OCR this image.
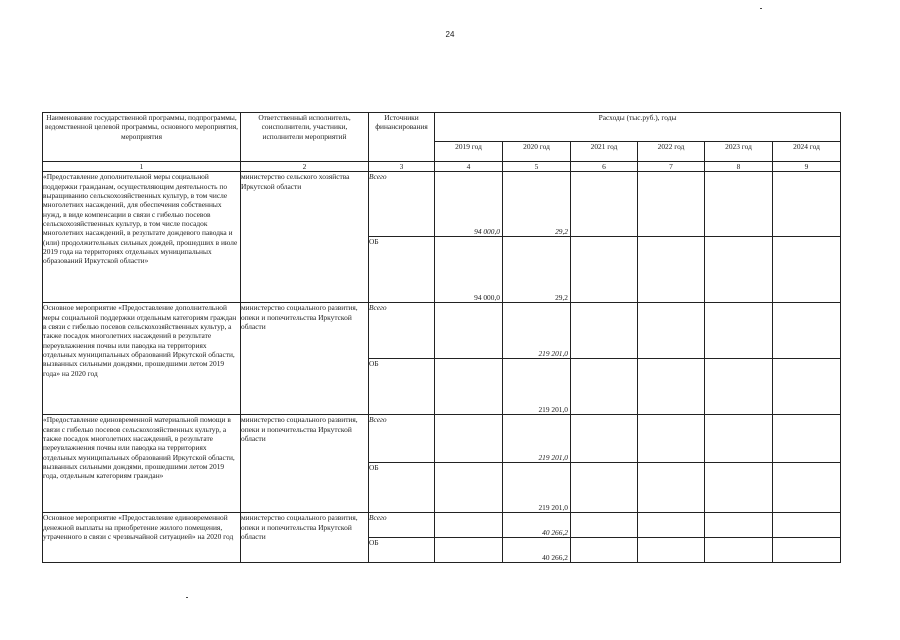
24
Наименование государственной программы, подпрограммы, ведомственной целевой программы, основного мероприятия, мероприятия	Ответственный исполнитель, соисполнители, участники, исполнители мероприятий	Источники финансирования	Расходы (тыс.руб.), годы					
			2019 год	2020 год	2021 год	2022 год	2023 год	2024 год
1	2	3	4	5	6	7	8	9
«Предоставление дополнительной меры социальной поддержки гражданам, осуществляющим деятельность по выращиванию сельскохозяйственных культур, в том числе многолетних насаждений, для обеспечения собственных нужд, в виде компенсации в связи с гибелью посевов сельскохозяйственных культур, в том числе посадок многолетних насаждений, в результате дождевого паводка и (или) продолжительных сильных дождей, прошедших в июле 2019 года на территориях отдельных муниципальных образований Иркутской области»	министерство сельского хозяйства Иркутской области	Всего	94 000,0	29,2				
		ОБ	94 000,0	29,2				
Основное мероприятие «Предоставление дополнительной меры социальной поддержки отдельным категориям граждан в связи с гибелью посевов сельскохозяйственных культур, а также посадок многолетних насаждений в результате переувлажнения почвы или паводка на территориях отдельных муниципальных образований Иркутской области, вызванных сильными дождями, прошедшими летом 2019 года» на 2020 год	министерство социального развития, опеки и попечительства Иркутской области	Всего		219 201,0				
		ОБ		219 201,0				
«Предоставление единовременной материальной помощи в связи с гибелью посевов сельскохозяйственных культур, а также посадок многолетних насаждений, в результате переувлажнения почвы или паводка на территориях отдельных муниципальных образований Иркутской области, вызванных сильными дождями, прошедшими летом 2019 года, отдельным категориям граждан»	министерство социального развития, опеки и попечительства Иркутской области	Всего		219 201,0				
		ОБ		219 201,0				
Основное мероприятие «Предоставление единовременной денежной выплаты на приобретение жилого помещения, утраченного в связи с чрезвычайной ситуацией» на 2020 год	министерство социального развития, опеки и попечительства Иркутской области	Всего		40 266,2				
		ОБ		40 266,2				
